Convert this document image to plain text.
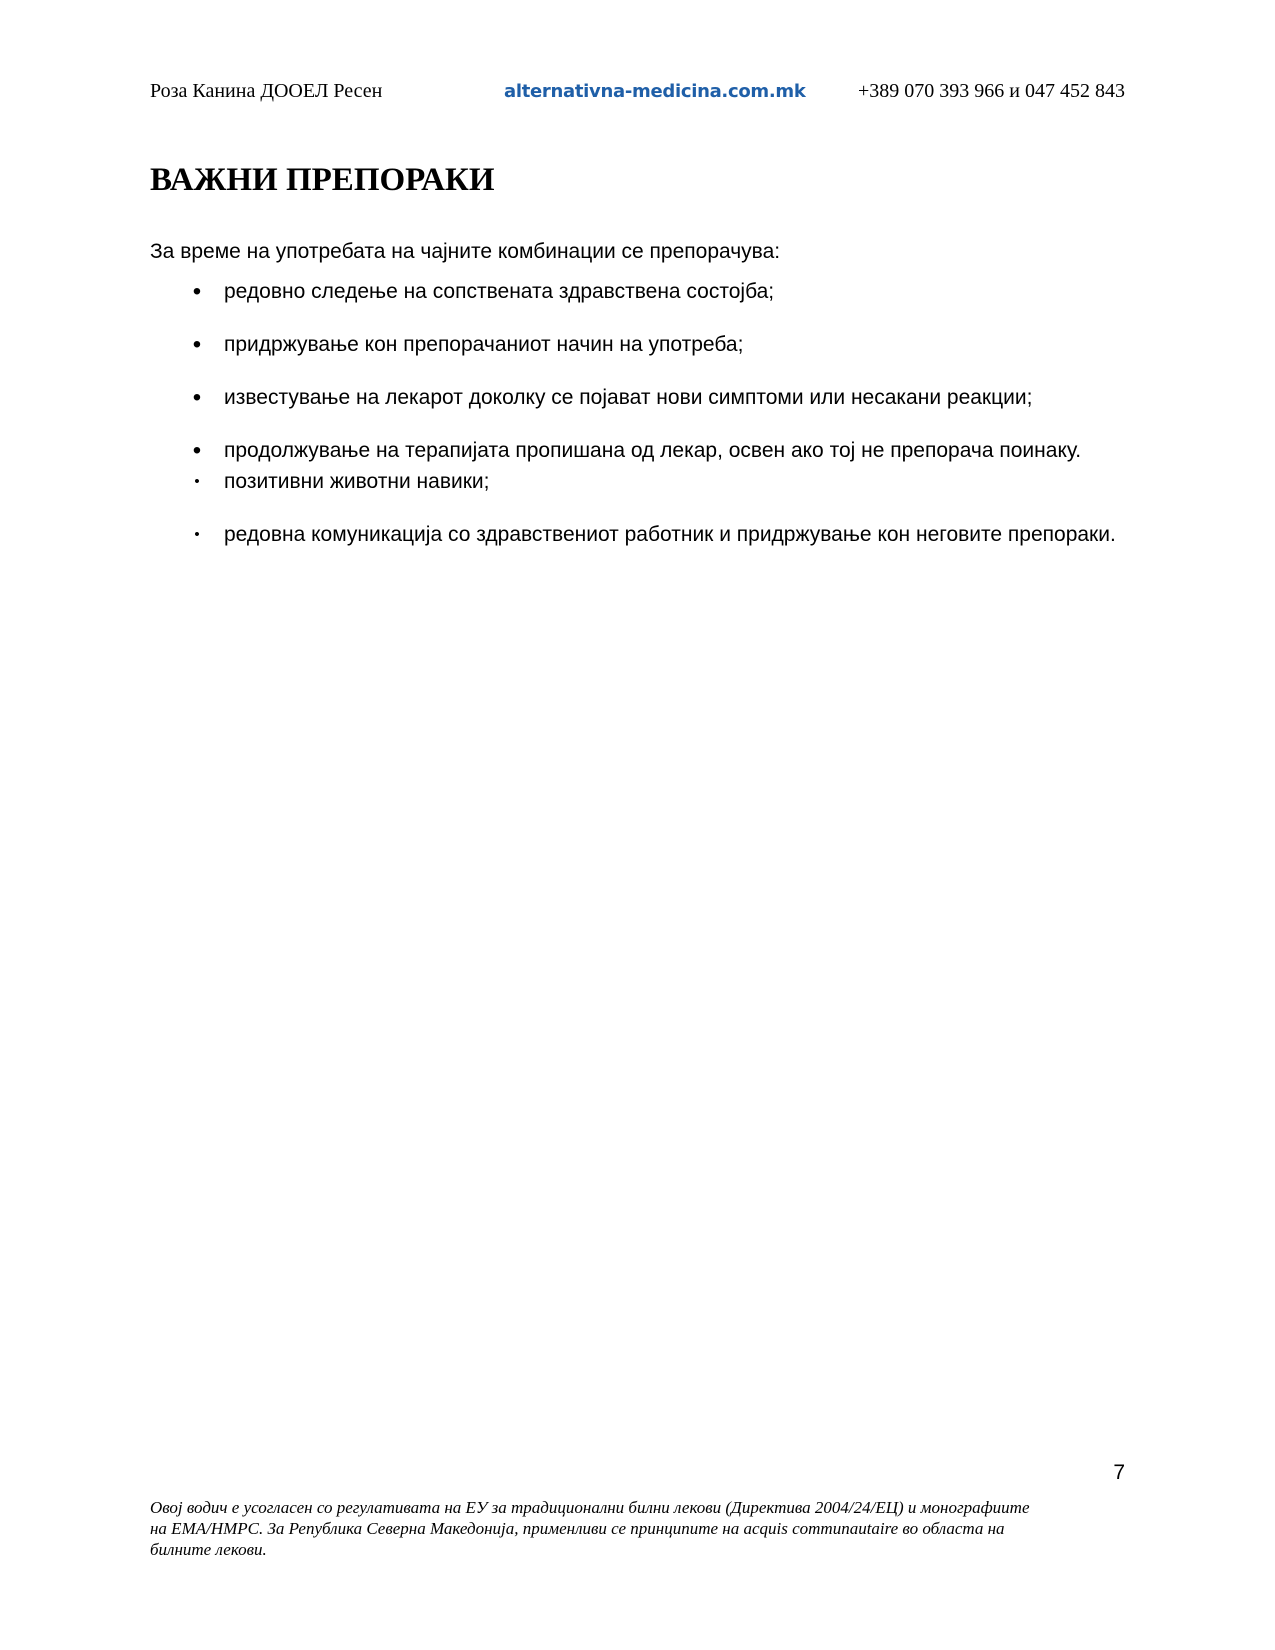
Роза Канина ДООЕЛ Ресен	alternativna-medicina.com.mk	+389 070 393 966 и 047 452 843
ВАЖНИ ПРЕПОРАКИ

За време на употребата на чајните комбинации се препорачува:

• редовно следење на сопствената здравствена состојба;
• придржување кон препорачаниот начин на употреба;
• известување на лекарот доколку се појават нови симптоми или несакани реакции;
• продолжување на терапијата пропишана од лекар, освен ако тој не препорача поинаку.
•	позитивни животни навики;
•	редовна комуникација со здравствениот работник и придржување кон неговите препораки.
7

Овој водич е усогласен со регулативата на ЕУ за традиционални билни лекови (Директива 2004/24/ЕЦ) и монографиите
на EMA/HMPC. За Република Северна Македонија, применливи се принципите на acquis communautaire во областа на
билните лекови.
